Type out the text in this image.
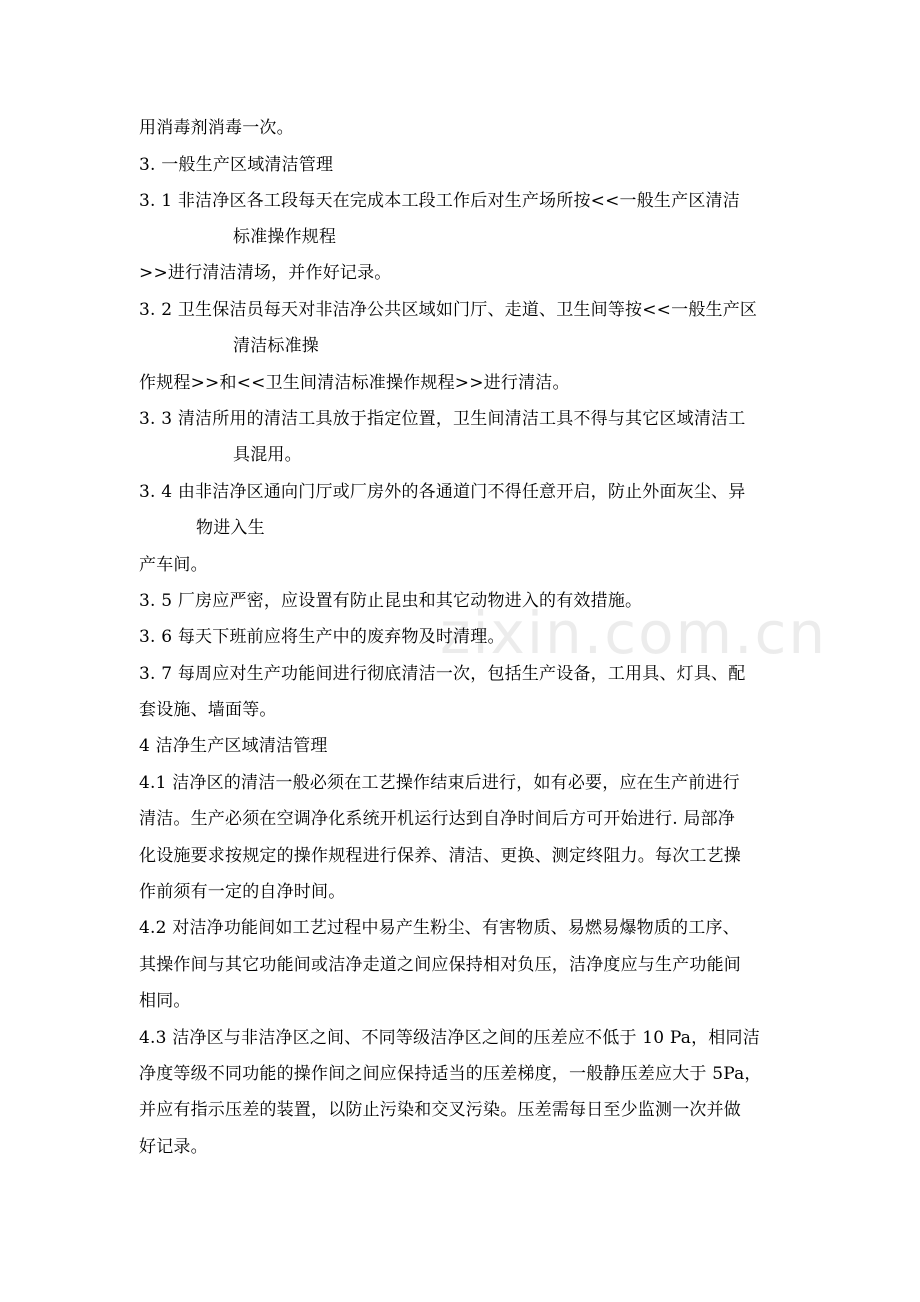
zixin.com.cn
用消毒剂消毒一次。
3. 一般生产区域清洁管理
3. 1 非洁净区各工段每天在完成本工段工作后对生产场所按<<一般生产区清洁
标准操作规程
>>进行清洁清场，并作好记录。
3. 2 卫生保洁员每天对非洁净公共区域如门厅、走道、卫生间等按<<一般生产区
清洁标准操
作规程>>和<<卫生间清洁标准操作规程>>进行清洁。
3. 3 清洁所用的清洁工具放于指定位置，卫生间清洁工具不得与其它区域清洁工
具混用。
3. 4 由非洁净区通向门厅或厂房外的各通道门不得任意开启，防止外面灰尘、异
物进入生
产车间。
3. 5 厂房应严密，应设置有防止昆虫和其它动物进入的有效措施。
3. 6 每天下班前应将生产中的废弃物及时清理。
3. 7 每周应对生产功能间进行彻底清洁一次，包括生产设备，工用具、灯具、配
套设施、墙面等。
4 洁净生产区域清洁管理
4.1 洁净区的清洁一般必须在工艺操作结束后进行，如有必要，应在生产前进行
清洁。生产必须在空调净化系统开机运行达到自净时间后方可开始进行. 局部净
化设施要求按规定的操作规程进行保养、清洁、更换、测定终阻力。每次工艺操
作前须有一定的自净时间。
4.2 对洁净功能间如工艺过程中易产生粉尘、有害物质、易燃易爆物质的工序、
其操作间与其它功能间或洁净走道之间应保持相对负压，洁净度应与生产功能间
相同。
4.3 洁净区与非洁净区之间、不同等级洁净区之间的压差应不低于 10 Pa，相同洁
净度等级不同功能的操作间之间应保持适当的压差梯度，一般静压差应大于 5Pa，
并应有指示压差的装置，以防止污染和交叉污染。压差需每日至少监测一次并做
好记录。
